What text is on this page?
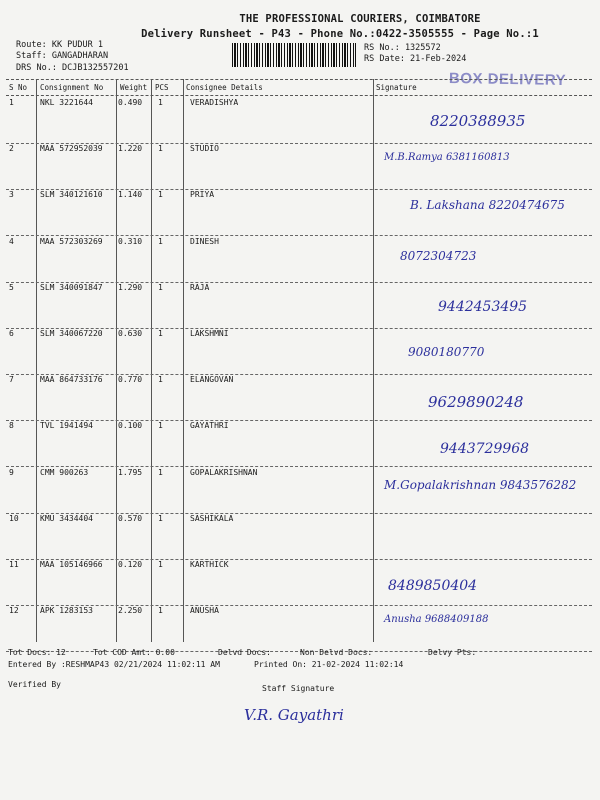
THE PROFESSIONAL COURIERS, COIMBATORE
Delivery Runsheet - P43 - Phone No.:0422-3505555 - Page No.:1
Route: KK PUDUR 1
Staff: GANGADHARAN
DRS No.: DCJB132557201
RS No.: 1325572
RS Date: 21-Feb-2024
BOX DELIVERY
S No Consignment No Weight PCS Consignee Details	Signature
1	NKL 3221644	0.490 1	VERADISHYA
8220388935
2	MAA 572952039 1.220 1	STUDIO
M.B.Ramya 6381160813
3	SLM 340121610 1.140 1	PRIYA
B. Lakshana 8220474675
4	MAA 572303269 0.310 1	DINESH
8072304723
5	SLM 340091847 1.290 1	RAJA
9442453495
6	SLM 340067220 0.630 1	LAKSHMNI
9080180770
7	MAA 864733176 0.770 1	ELANGOVAN
9629890248
8	TVL 1941494	0.100 1	GAYATHRI
9443729968
9	CMM 900263	1.795 1	GOPALAKRISHNAN
M.Gopalakrishnan 9843576282
10	KMU 3434404	0.570 1	SASHIKALA
11	MAA 105146966 0.120 1	KARTHICK
8489850404
12	APK 1283153	2.250 1	ANUSHA
Anusha 9688409188
Tot Docs: 12	Tot COD Amt: 0.00	Delvd Docs:	Non Delvd Docs:	Delvy Pts:
Entered By :RESHMAP43 02/21/2024 11:02:11 AM	Printed On: 21-02-2024 11:02:14
Verified By	Staff Signature
V.R. Gayathri
